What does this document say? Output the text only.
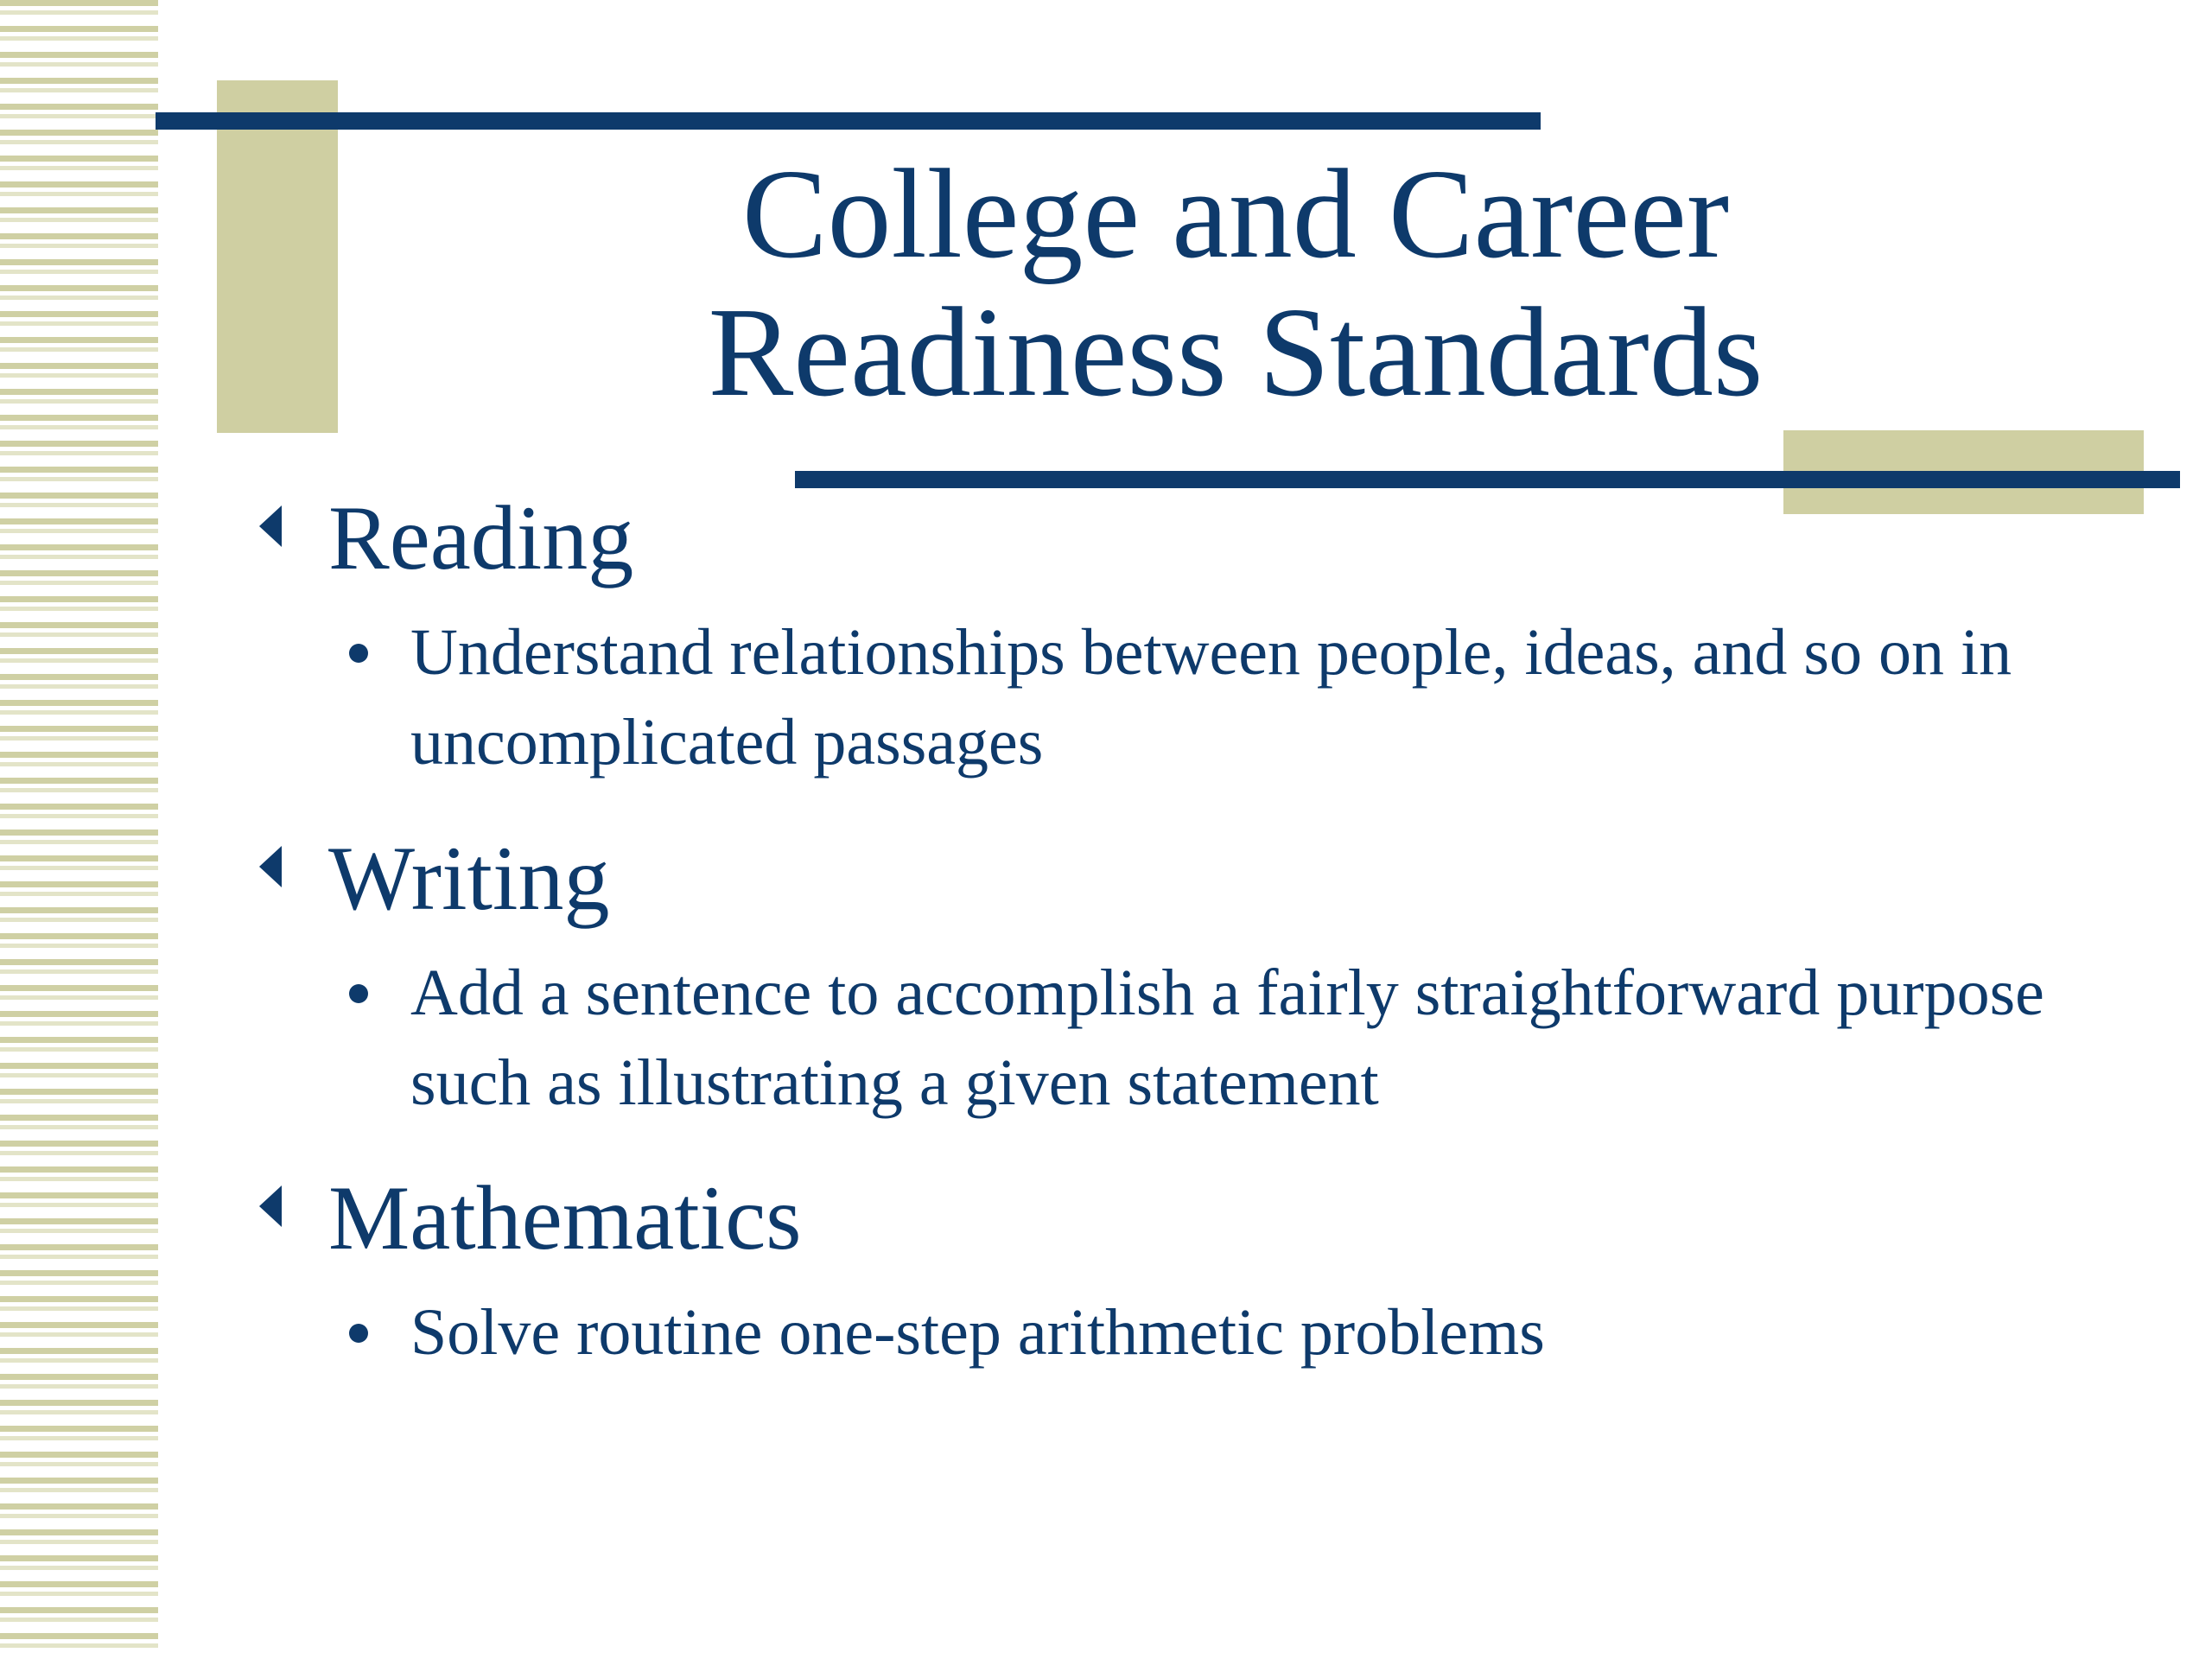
College and Career
Readiness Standards
Reading
Understand relationships between people, ideas, and so on in uncomplicated passages
Writing
Add a sentence to accomplish a fairly straightforward purpose such as illustrating a given statement
Mathematics
Solve routine one-step arithmetic problems
